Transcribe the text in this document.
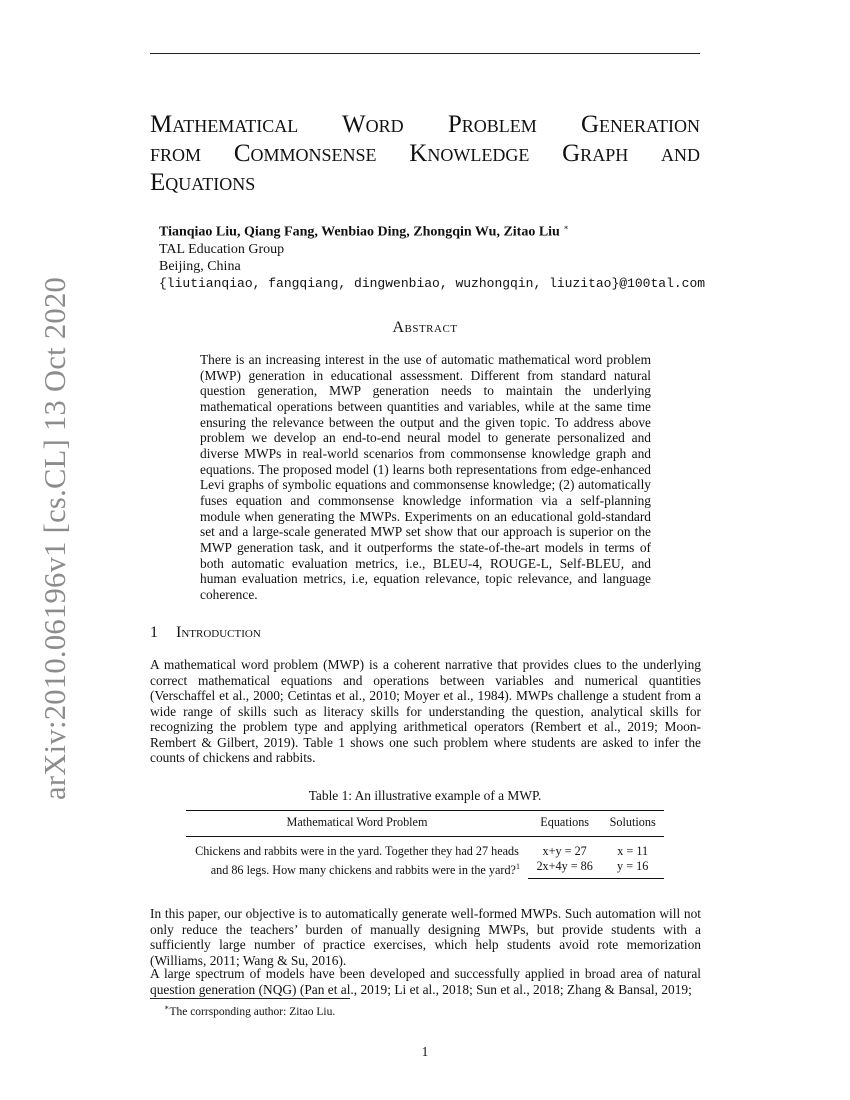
arXiv:2010.06196v1 [cs.CL] 13 Oct 2020
Mathematical Word Problem Generation
from Commonsense Knowledge Graph and
Equations
Tianqiao Liu, Qiang Fang, Wenbiao Ding, Zhongqin Wu, Zitao Liu ∗
TAL Education Group
Beijing, China
{liutianqiao, fangqiang, dingwenbiao, wuzhongqin, liuzitao}@100tal.com
Abstract
There is an increasing interest in the use of automatic mathematical word problem (MWP) generation in educational assessment. Different from standard natural question generation, MWP generation needs to maintain the underlying mathematical operations between quantities and variables, while at the same time ensuring the relevance between the output and the given topic. To address above problem we develop an end-to-end neural model to generate personalized and diverse MWPs in real-world scenarios from commonsense knowledge graph and equations. The proposed model (1) learns both representations from edge-enhanced Levi graphs of symbolic equations and commonsense knowledge; (2) automatically fuses equation and commonsense knowledge information via a self-planning module when generating the MWPs. Experiments on an educational gold-standard set and a large-scale generated MWP set show that our approach is superior on the MWP generation task, and it outperforms the state-of-the-art models in terms of both automatic evaluation metrics, i.e., BLEU-4, ROUGE-L, Self-BLEU, and human evaluation metrics, i.e, equation relevance, topic relevance, and language coherence.
1 Introduction
A mathematical word problem (MWP) is a coherent narrative that provides clues to the underlying correct mathematical equations and operations between variables and numerical quantities (Verschaffel et al., 2000; Cetintas et al., 2010; Moyer et al., 1984). MWPs challenge a student from a wide range of skills such as literacy skills for understanding the question, analytical skills for recognizing the problem type and applying arithmetical operators (Rembert et al., 2019; Moon-Rembert & Gilbert, 2019). Table 1 shows one such problem where students are asked to infer the counts of chickens and rabbits.
Table 1: An illustrative example of a MWP.
Mathematical Word Problem	Equations	Solutions

Chickens and rabbits were in the yard. Together they had 27 heads
and 86 legs. How many chickens and rabbits were in the yard?$^1$	x+y = 27	x = 11
	2x+4y = 86	y = 16
In this paper, our objective is to automatically generate well-formed MWPs. Such automation will not only reduce the teachers’ burden of manually designing MWPs, but provide students with a sufficiently large number of practice exercises, which help students avoid rote memorization (Williams, 2011; Wang & Su, 2016).
A large spectrum of models have been developed and successfully applied in broad area of natural question generation (NQG) (Pan et al., 2019; Li et al., 2018; Sun et al., 2018; Zhang & Bansal, 2019;
∗The corrsponding author: Zitao Liu.
1
